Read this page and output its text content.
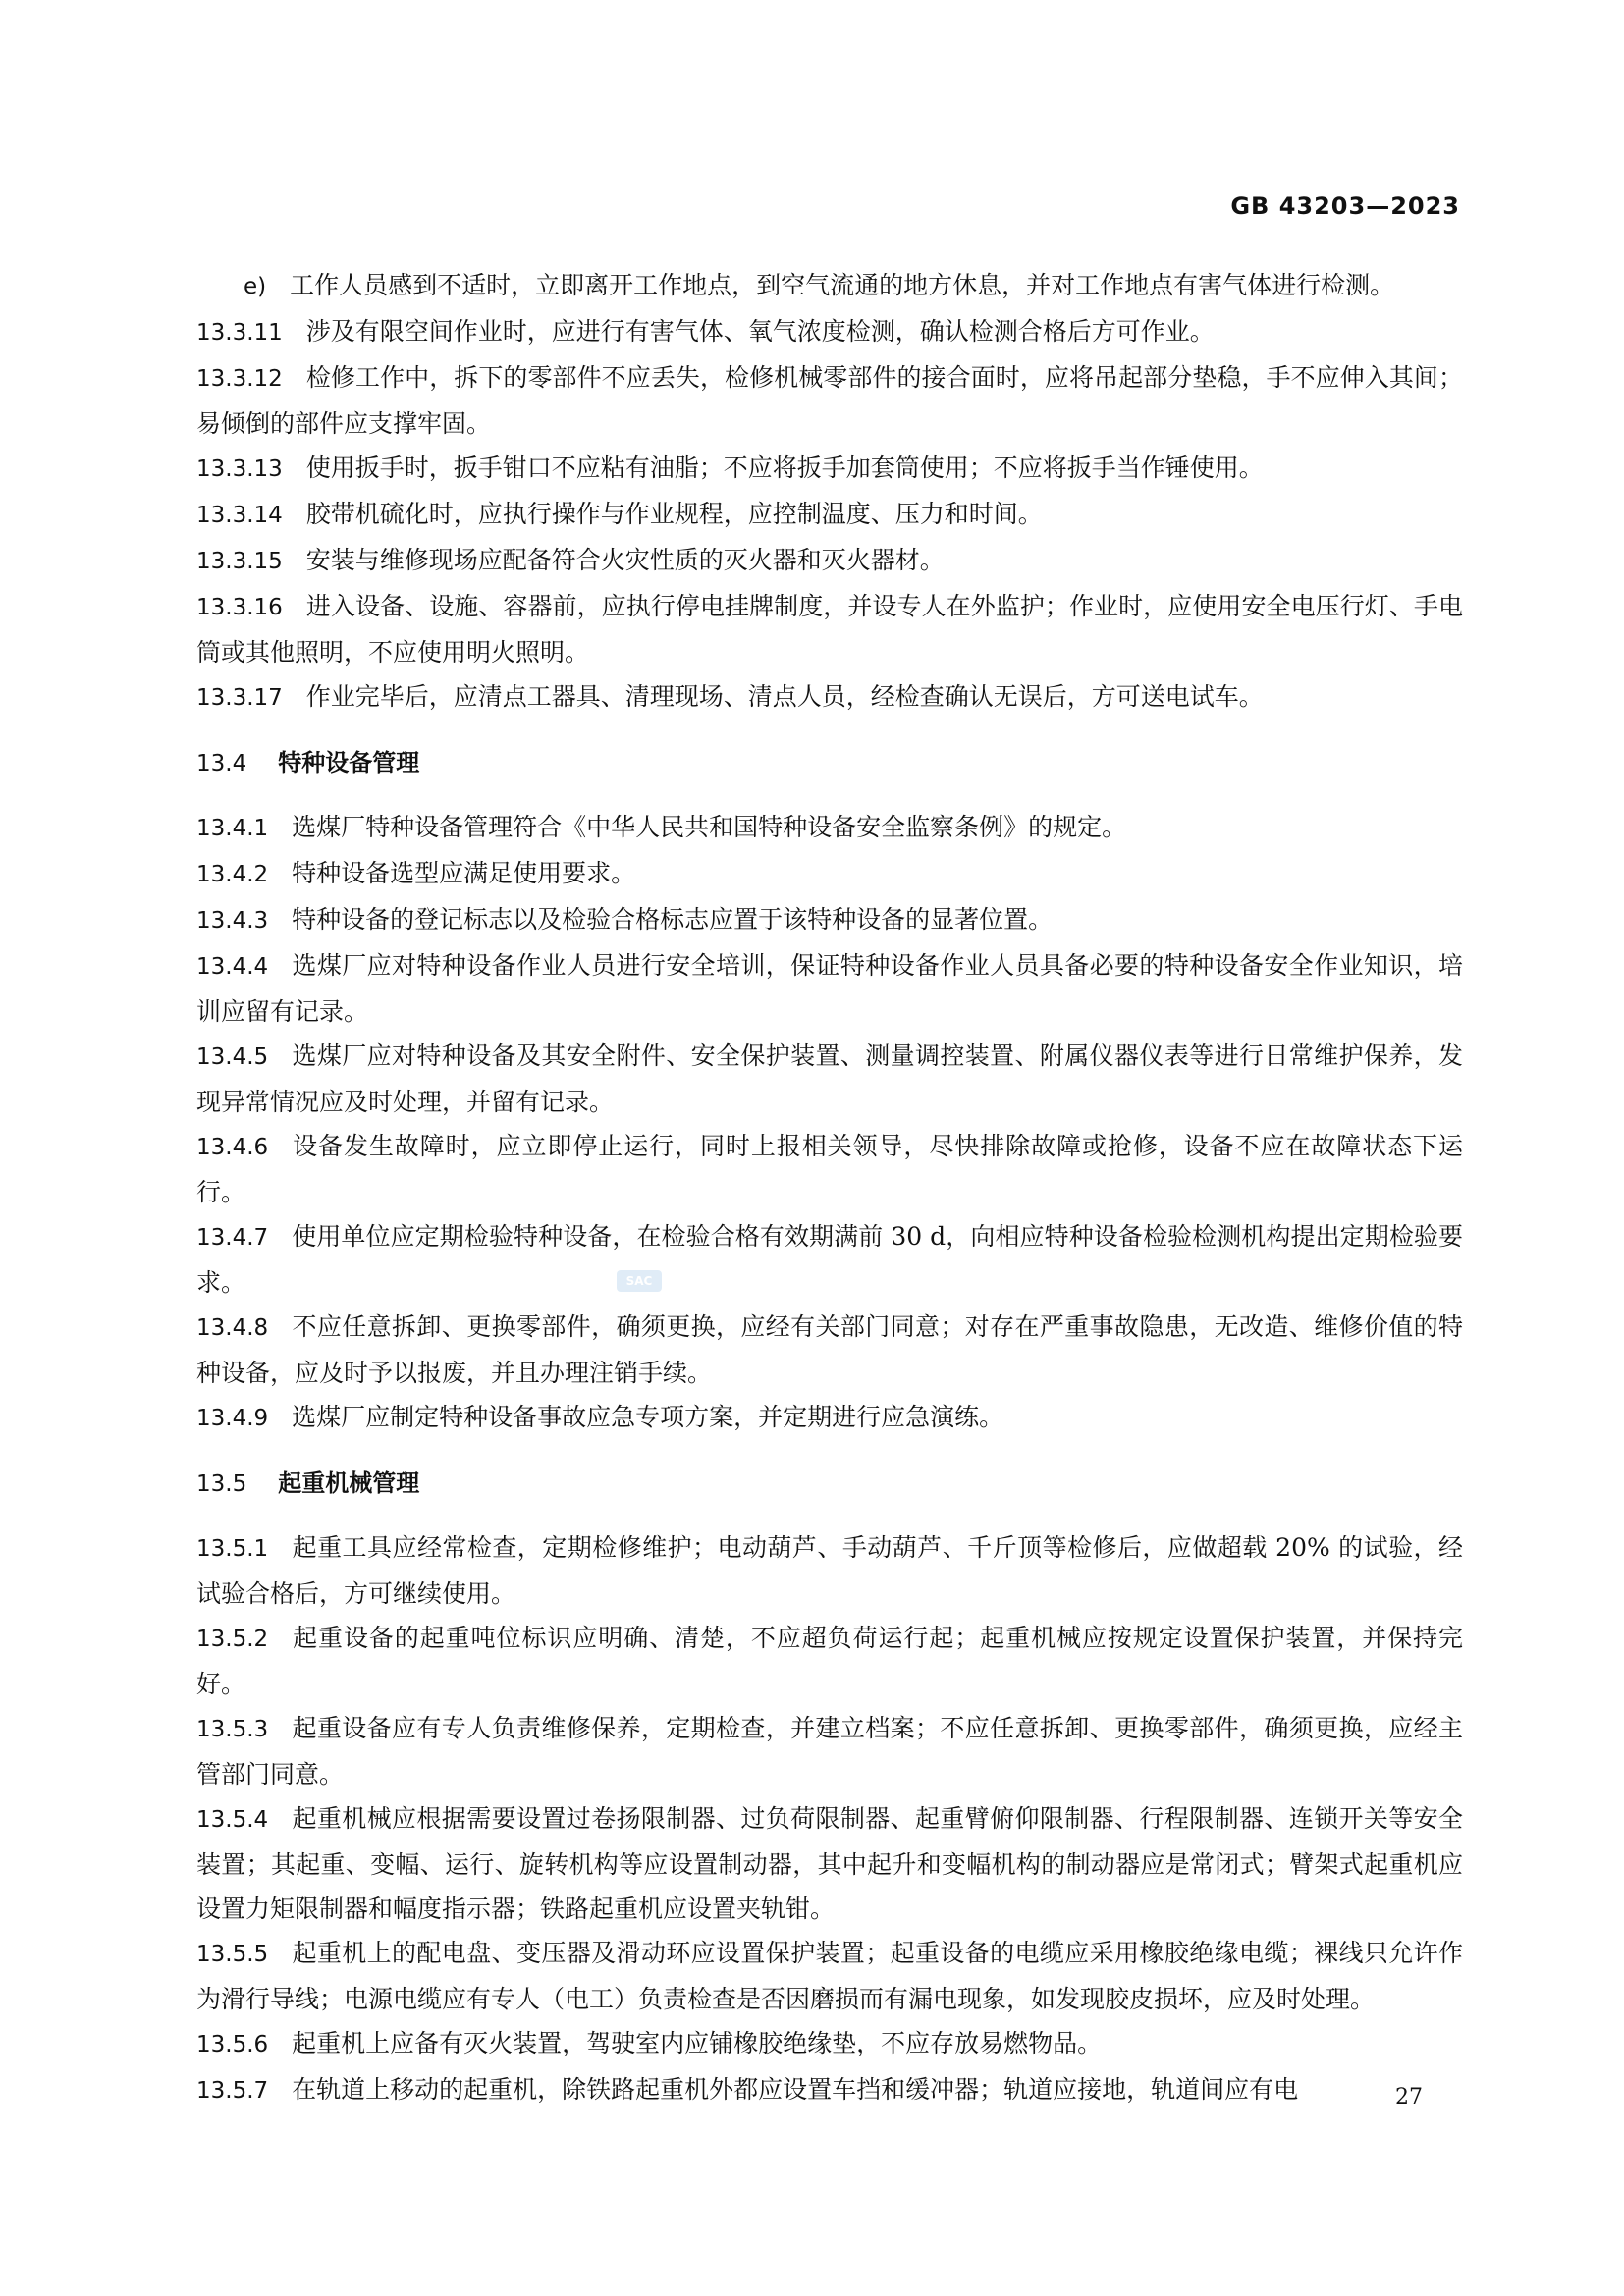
GB 43203—2023

e) 工作人员感到不适时，立即离开工作地点，到空气流通的地方休息，并对工作地点有害气体进行检测。

13.3.11 涉及有限空间作业时，应进行有害气体、氧气浓度检测，确认检测合格后方可作业。

13.3.12 检修工作中，拆下的零部件不应丢失，检修机械零部件的接合面时，应将吊起部分垫稳，手不应伸入其间；易倾倒的部件应支撑牢固。

13.3.13 使用扳手时，扳手钳口不应粘有油脂；不应将扳手加套筒使用；不应将扳手当作锤使用。

13.3.14 胶带机硫化时，应执行操作与作业规程，应控制温度、压力和时间。

13.3.15 安装与维修现场应配备符合火灾性质的灭火器和灭火器材。

13.3.16 进入设备、设施、容器前，应执行停电挂牌制度，并设专人在外监护；作业时，应使用安全电压行灯、手电筒或其他照明，不应使用明火照明。

13.3.17 作业完毕后，应清点工器具、清理现场、清点人员，经检查确认无误后，方可送电试车。

13.4 特种设备管理

13.4.1 选煤厂特种设备管理符合《中华人民共和国特种设备安全监察条例》的规定。

13.4.2 特种设备选型应满足使用要求。

13.4.3 特种设备的登记标志以及检验合格标志应置于该特种设备的显著位置。

13.4.4 选煤厂应对特种设备作业人员进行安全培训，保证特种设备作业人员具备必要的特种设备安全作业知识，培训应留有记录。

13.4.5 选煤厂应对特种设备及其安全附件、安全保护装置、测量调控装置、附属仪器仪表等进行日常维护保养，发现异常情况应及时处理，并留有记录。

13.4.6 设备发生故障时，应立即停止运行，同时上报相关领导，尽快排除故障或抢修，设备不应在故障状态下运行。

13.4.7 使用单位应定期检验特种设备，在检验合格有效期满前 30 d，向相应特种设备检验检测机构提出定期检验要求。

13.4.8 不应任意拆卸、更换零部件，确须更换，应经有关部门同意；对存在严重事故隐患，无改造、维修价值的特种设备，应及时予以报废，并且办理注销手续。

13.4.9 选煤厂应制定特种设备事故应急专项方案，并定期进行应急演练。

13.5 起重机械管理

13.5.1 起重工具应经常检查，定期检修维护；电动葫芦、手动葫芦、千斤顶等检修后，应做超载 20% 的试验，经试验合格后，方可继续使用。

13.5.2 起重设备的起重吨位标识应明确、清楚，不应超负荷运行起；起重机械应按规定设置保护装置，并保持完好。

13.5.3 起重设备应有专人负责维修保养，定期检查，并建立档案；不应任意拆卸、更换零部件，确须更换，应经主管部门同意。

13.5.4 起重机械应根据需要设置过卷扬限制器、过负荷限制器、起重臂俯仰限制器、行程限制器、连锁开关等安全装置；其起重、变幅、运行、旋转机构等应设置制动器，其中起升和变幅机构的制动器应是常闭式；臂架式起重机应设置力矩限制器和幅度指示器；铁路起重机应设置夹轨钳。

13.5.5 起重机上的配电盘、变压器及滑动环应设置保护装置；起重设备的电缆应采用橡胶绝缘电缆；裸线只允许作为滑行导线；电源电缆应有专人（电工）负责检查是否因磨损而有漏电现象，如发现胶皮损坏，应及时处理。

13.5.6 起重机上应备有灭火装置，驾驶室内应铺橡胶绝缘垫，不应存放易燃物品。

13.5.7 在轨道上移动的起重机，除铁路起重机外都应设置车挡和缓冲器；轨道应接地，轨道间应有电

SAC
27
